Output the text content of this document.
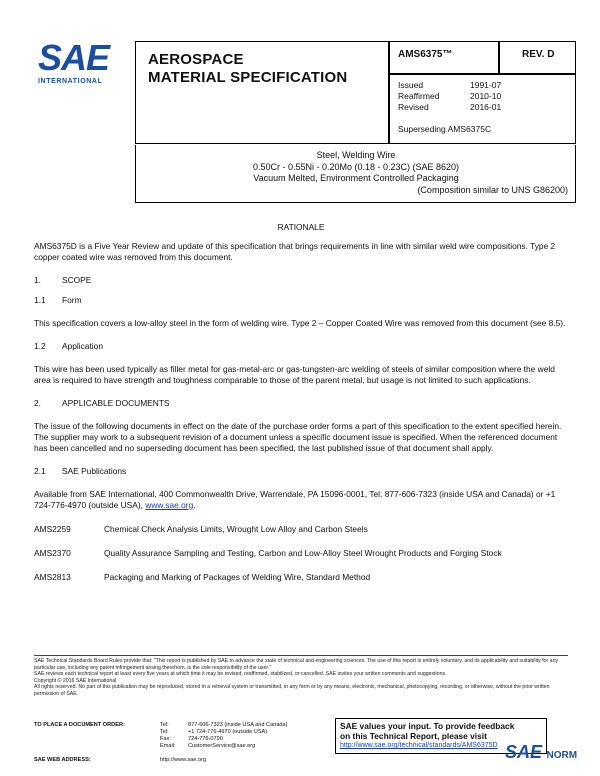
SAE
INTERNATIONAL
AEROSPACE
MATERIAL SPECIFICATION
AMS6375™	REV. D
Issued	1991-07
Reaffirmed	2010-10
Revised	2016-01
Superseding AMS6375C
Steel, Welding Wire
0.50Cr - 0.55Ni - 0.20Mo (0.18 - 0.23C) (SAE 8620)
Vacuum Melted, Environment Controlled Packaging
(Composition similar to UNS G86200)
RATIONALE
AMS6375D is a Five Year Review and update of this specification that brings requirements in line with similar weld wire compositions. Type 2 copper coated wire was removed from this document.
1.	SCOPE
1.1	Form
This specification covers a low-alloy steel in the form of welding wire. Type 2 – Copper Coated Wire was removed from this document (see 8.5).
1.2	Application
This wire has been used typically as filler metal for gas-metal-arc or gas-tungsten-arc welding of steels of similar composition where the weld area is required to have strength and toughness comparable to those of the parent metal, but usage is not limited to such applications.
2.	APPLICABLE DOCUMENTS
The issue of the following documents in effect on the date of the purchase order forms a part of this specification to the extent specified herein. The supplier may work to a subsequent revision of a document unless a specific document issue is specified. When the referenced document has been cancelled and no superseding document has been specified, the last published issue of that document shall apply.
2.1	SAE Publications
Available from SAE International, 400 Commonwealth Drive, Warrendale, PA 15096-0001, Tel: 877-606-7323 (inside USA and Canada) or +1 724-776-4970 (outside USA), www.sae.org.
AMS2259	Chemical Check Analysis Limits, Wrought Low Alloy and Carbon Steels
AMS2370	Quality Assurance Sampling and Testing, Carbon and Low-Alloy Steel Wrought Products and Forging Stock
AMS2813	Packaging and Marking of Packages of Welding Wire, Standard Method
SAE Technical Standards Board Rules provide that: "This report is published by SAE to advance the state of technical and engineering sciences. The use of this report is entirely voluntary, and its applicability and suitability for any particular use, including any patent infringement arising therefrom, is the sole responsibility of the user."
SAE reviews each technical report at least every five years at which time it may be revised, reaffirmed, stabilized, or cancelled. SAE invites your written comments and suggestions.
Copyright © 2016 SAE International
All rights reserved. No part of this publication may be reproduced, stored in a retrieval system or transmitted, in any form or by any means, electronic, mechanical, photocopying, recording, or otherwise, without the prior written permission of SAE.
TO PLACE A DOCUMENT ORDER:	Tel:	877-606-7323 (inside USA and Canada)
Tel:	+1 724-776-4970 (outside USA)
Fax:	724-776-0790
Email:	CustomerService@sae.org
SAE WEB ADDRESS:	http://www.sae.org
SAE values your input. To provide feedback
on this Technical Report, please visit
http://www.sae.org/technical/standards/AMS6375D SAE NORM
